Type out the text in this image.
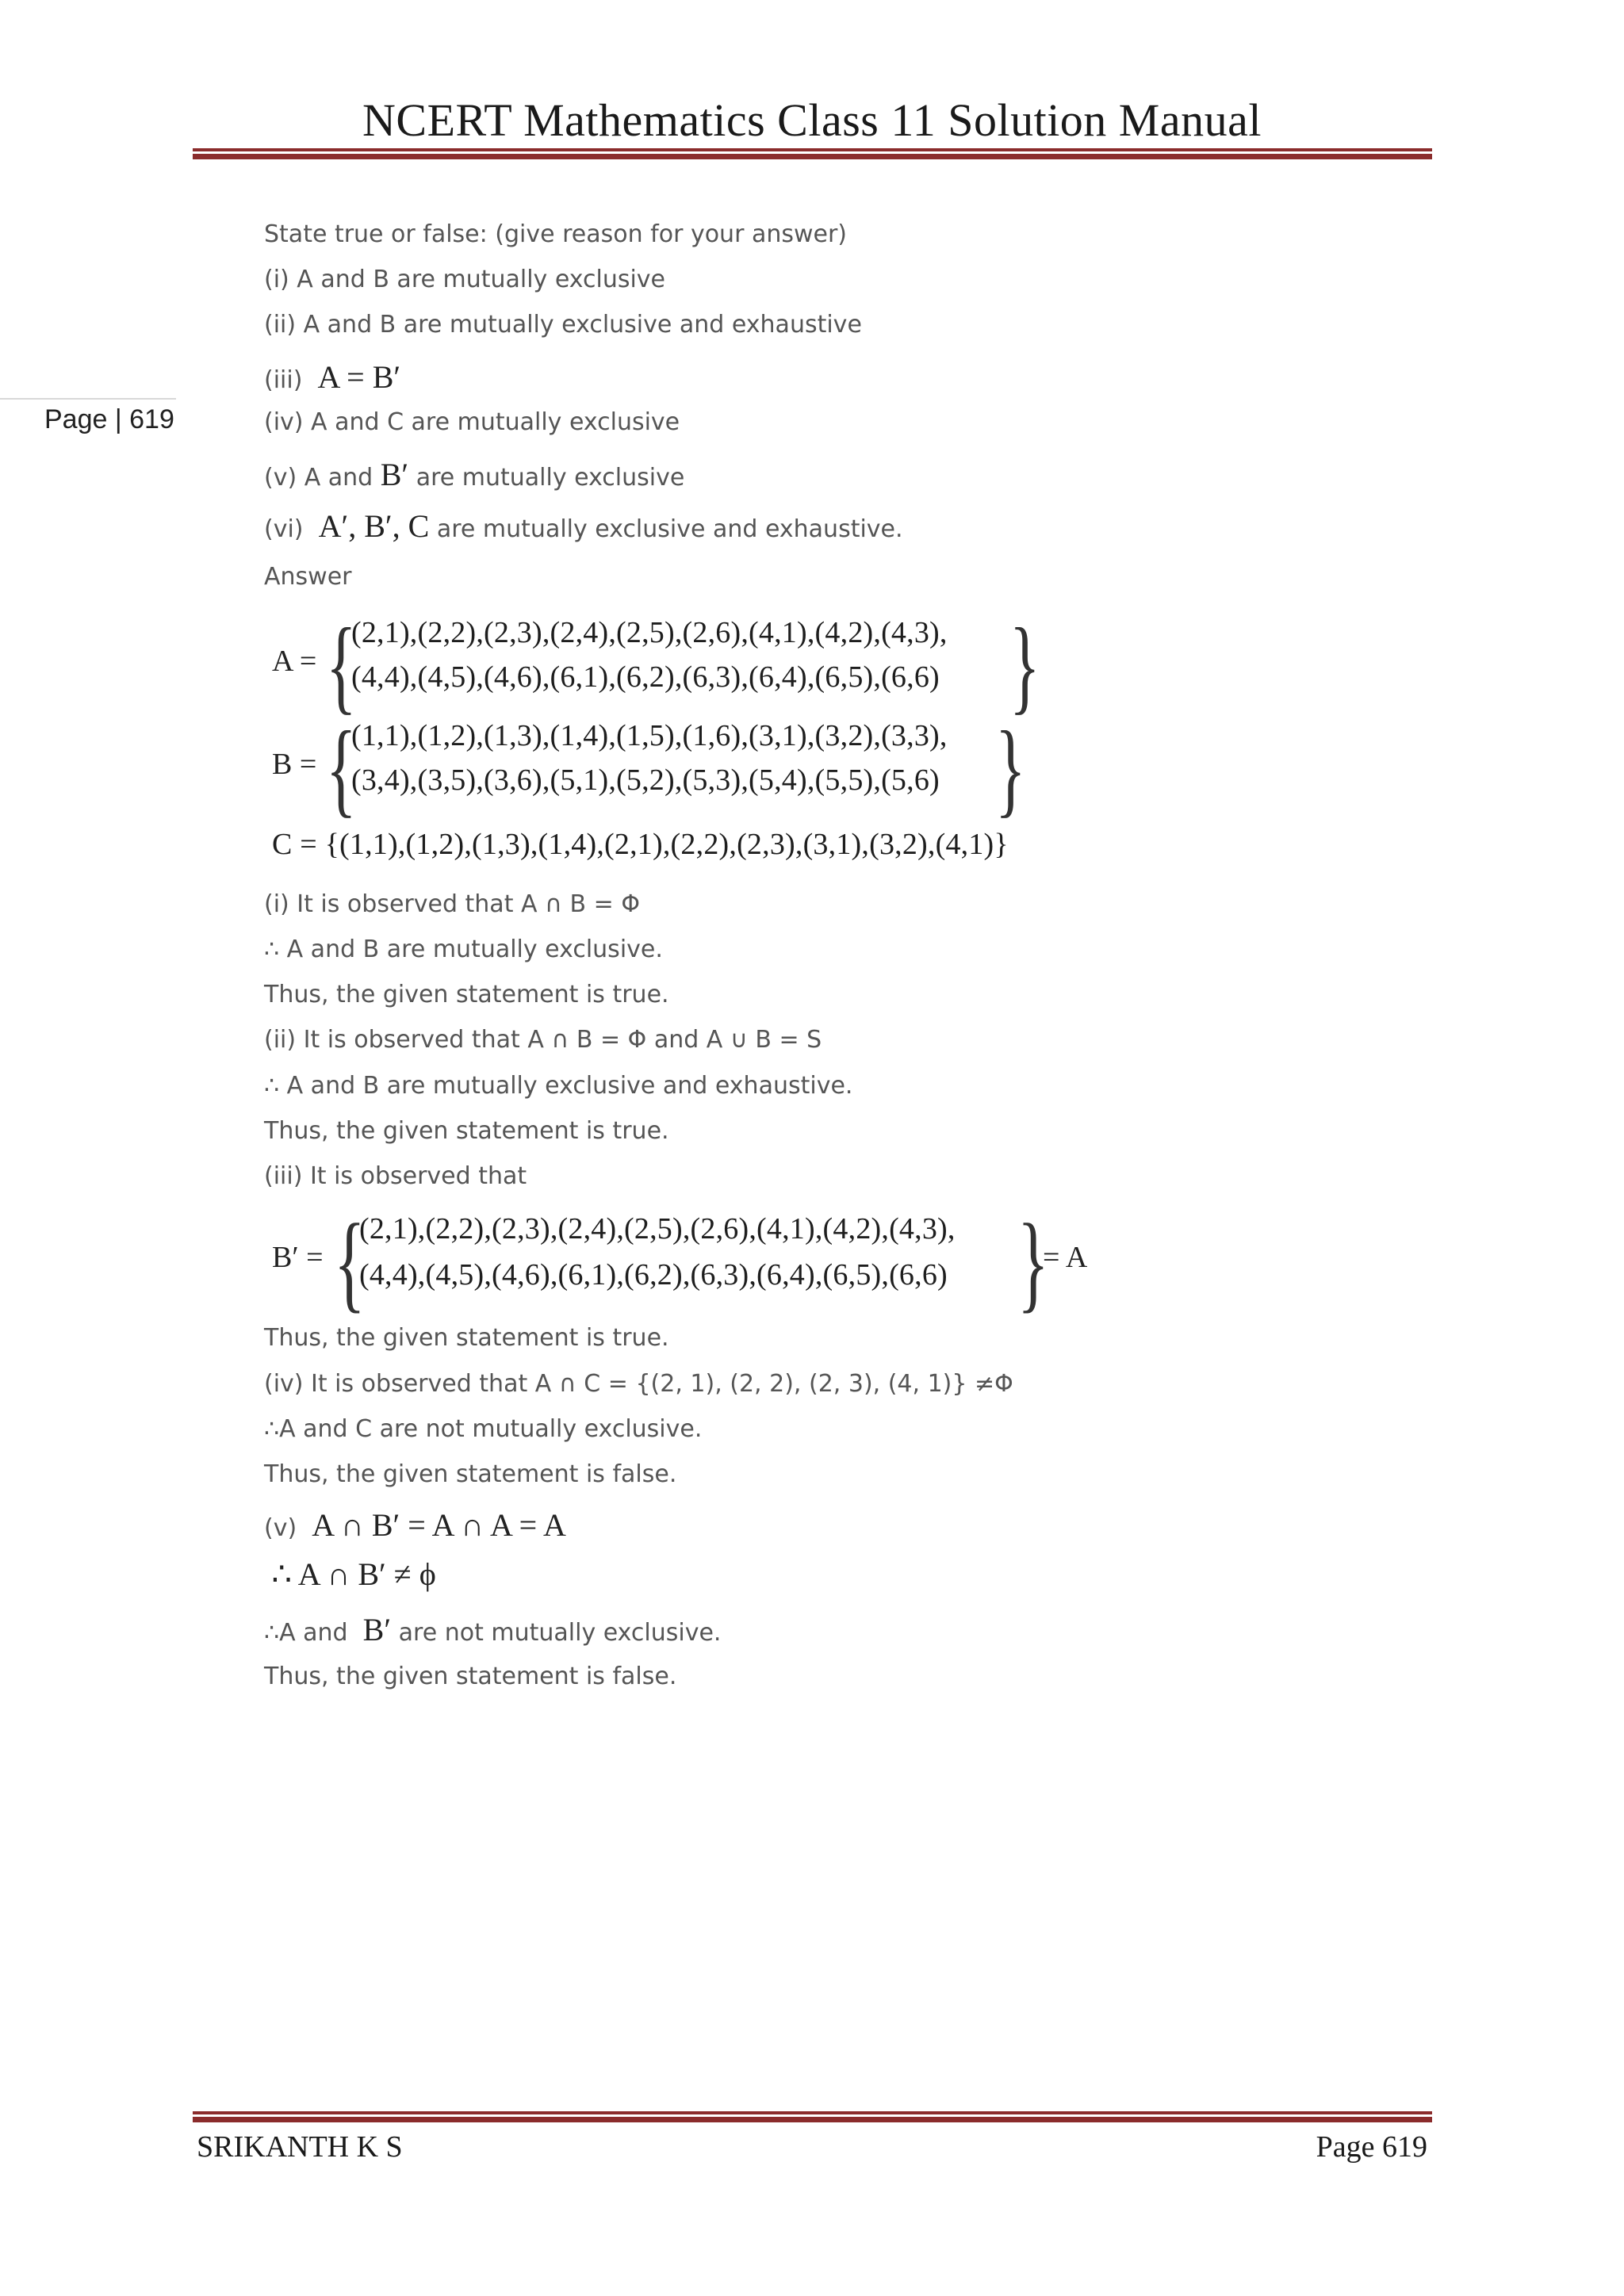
NCERT Mathematics Class 11 Solution Manual
Page | 619
State true or false: (give reason for your answer)
(i) A and B are mutually exclusive
(ii) A and B are mutually exclusive and exhaustive
(iii) A = B′
(iv) A and C are mutually exclusive
(v) A and B′ are mutually exclusive
(vi) A′, B′, C are mutually exclusive and exhaustive.
Answer
A = {
(2,1),(2,2),(2,3),(2,4),(2,5),(2,6),(4,1),(4,2),(4,3),
(4,4),(4,5),(4,6),(6,1),(6,2),(6,3),(6,4),(6,5),(6,6) }
B = {
(1,1),(1,2),(1,3),(1,4),(1,5),(1,6),(3,1),(3,2),(3,3),
(3,4),(3,5),(3,6),(5,1),(5,2),(5,3),(5,4),(5,5),(5,6) }
C = {(1,1),(1,2),(1,3),(1,4),(2,1),(2,2),(2,3),(3,1),(3,2),(4,1)}
(i) It is observed that A ∩ B = Φ
∴ A and B are mutually exclusive.
Thus, the given statement is true.
(ii) It is observed that A ∩ B = Φ and A ∪ B = S
∴ A and B are mutually exclusive and exhaustive.
Thus, the given statement is true.
(iii) It is observed that
B′ = {
(2,1),(2,2),(2,3),(2,4),(2,5),(2,6),(4,1),(4,2),(4,3),
(4,4),(4,5),(4,6),(6,1),(6,2),(6,3),(6,4),(6,5),(6,6) }
= A
Thus, the given statement is true.
(iv) It is observed that A ∩ C = {(2, 1), (2, 2), (2, 3), (4, 1)} ≠Φ
∴A and C are not mutually exclusive.
Thus, the given statement is false.
(v) A ∩ B′ = A ∩ A = A
∴ A ∩ B′ ≠ ϕ
∴A and B′ are not mutually exclusive.
Thus, the given statement is false.
SRIKANTH K S	Page 619
